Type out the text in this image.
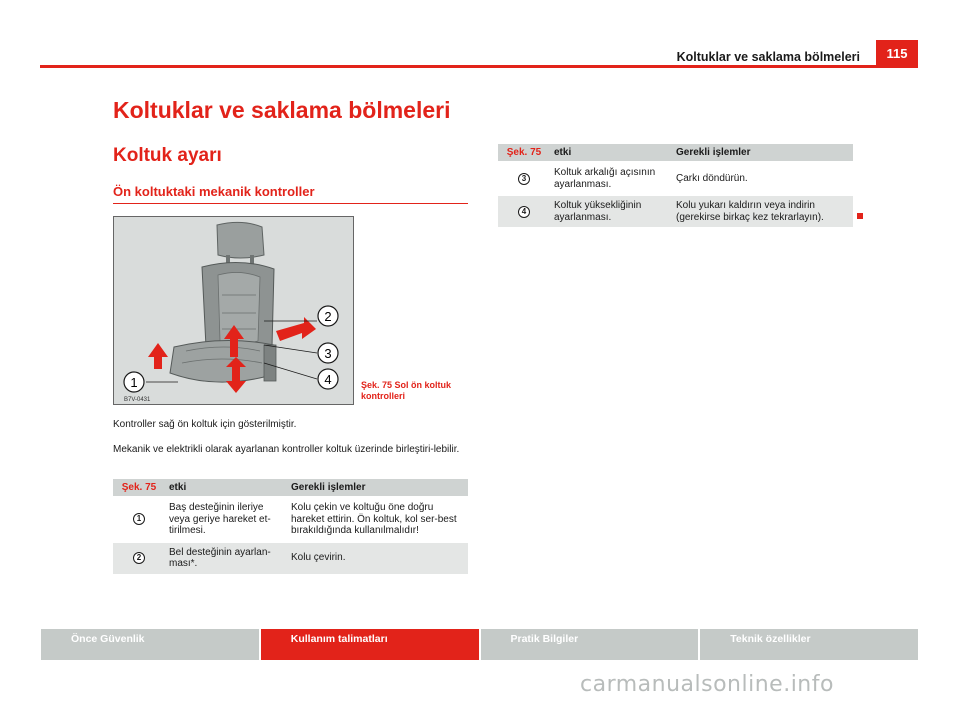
115
Koltuklar ve saklama bölmeleri
Koltuklar ve saklama bölmeleri
Koltuk ayarı
Ön koltuktaki mekanik kontroller
1
2
3
4
B7V-0431
Şek. 75 Sol ön koltuk kontrolleri
Kontroller sağ ön koltuk için gösterilmiştir.
Mekanik ve elektrikli olarak ayarlanan kontroller koltuk üzerinde birleştiri-lebilir.
Şek. 75	etki	Gerekli işlemler
1	Baş desteğinin ileriye veya geriye hareket et-tirilmesi.	Kolu çekin ve koltuğu öne doğru hareket ettirin. Ön koltuk, kol ser-best bırakıldığında kullanılmalıdır!
2	Bel desteğinin ayarlan-ması*.	Kolu çevirin.
Şek. 75	etki	Gerekli işlemler
3	Koltuk arkalığı açısının ayarlanması.	Çarkı döndürün.
4	Koltuk yüksekliğinin ayarlanması.	Kolu yukarı kaldırın veya indirin (gerekirse birkaç kez tekrarlayın).
Önce Güvenlik	Kullanım talimatları	Pratik Bilgiler	Teknik özellikler
carmanualsonline.info
